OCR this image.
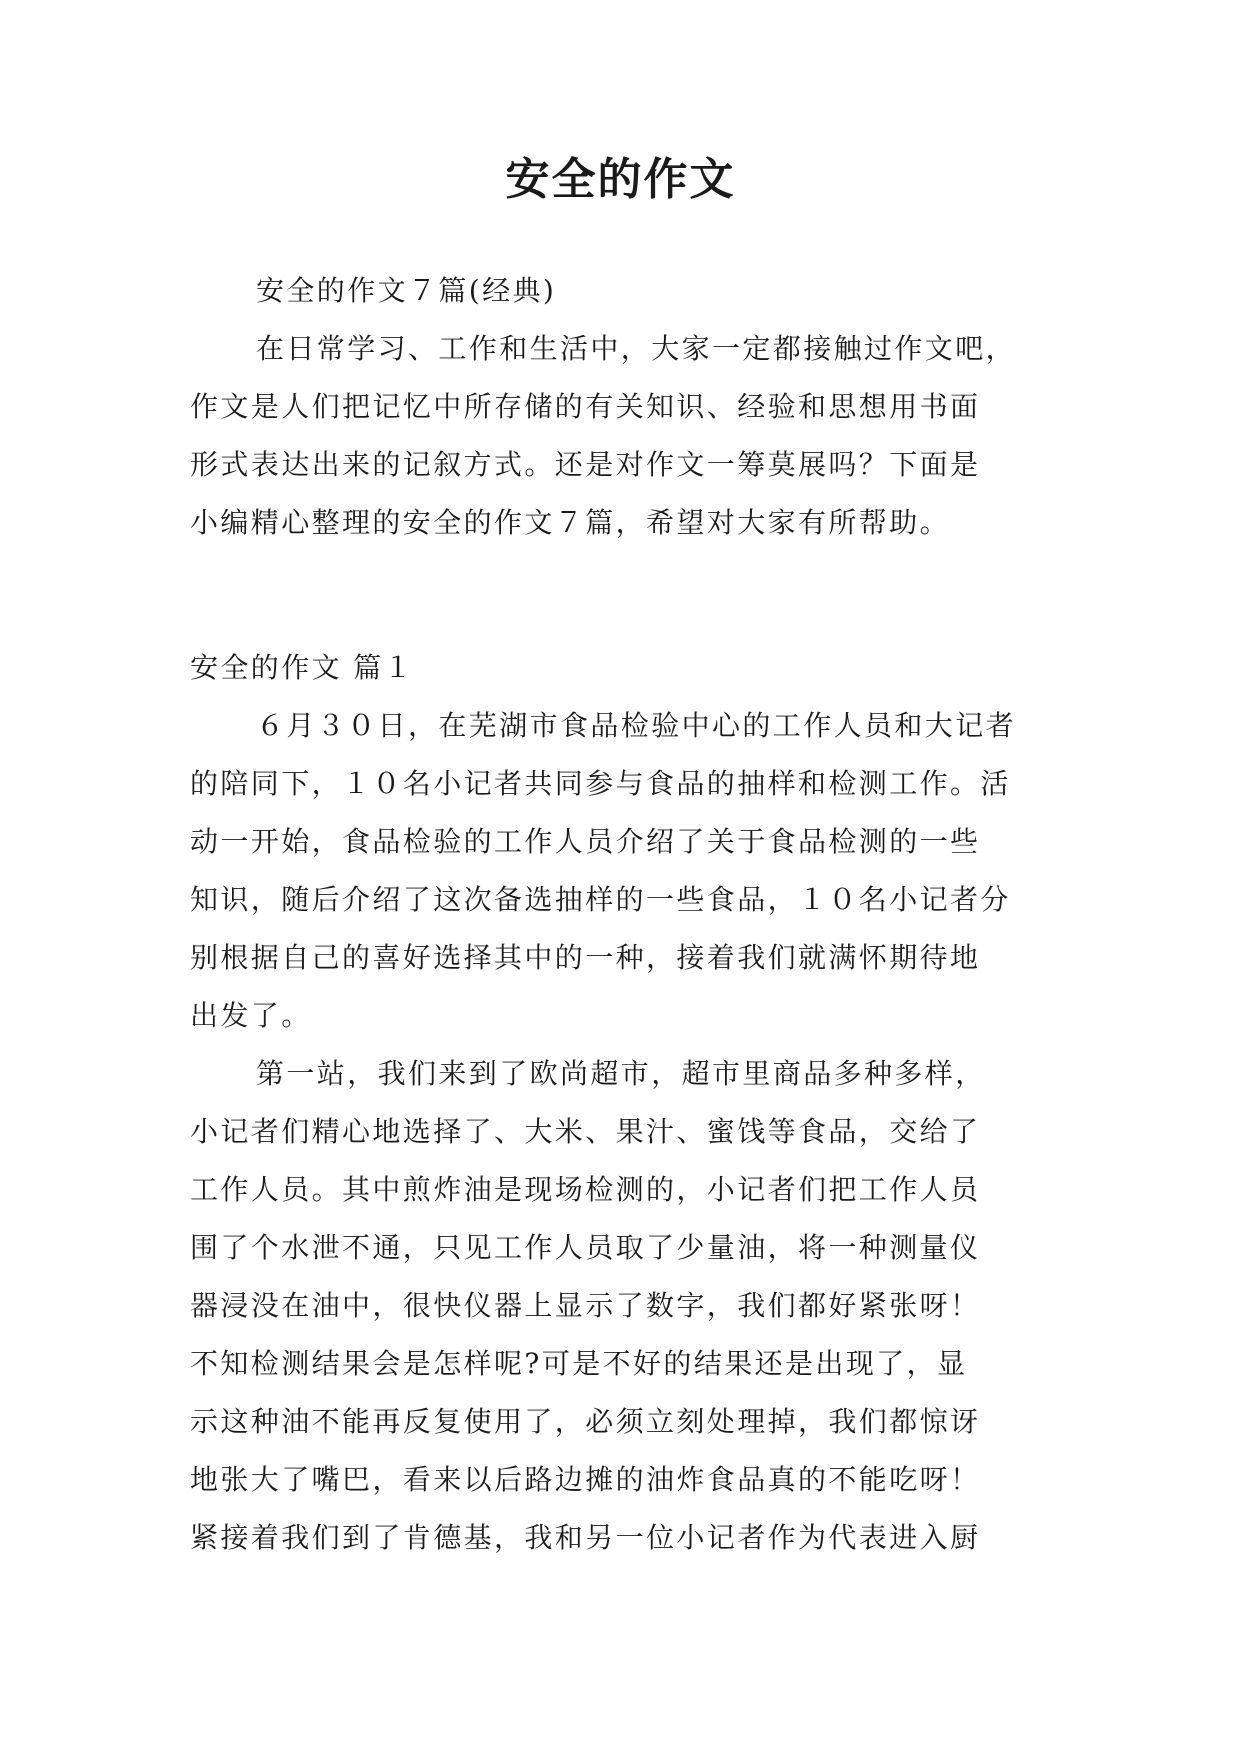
安全的作文
安全的作文７篇(经典)
在日常学习、工作和生活中，大家一定都接触过作文吧，
作文是人们把记忆中所存储的有关知识、经验和思想用书面
形式表达出来的记叙方式。还是对作文一筹莫展吗？下面是
小编精心整理的安全的作文７篇，希望对大家有所帮助。
安全的作文 篇１
６月３０日，在芜湖市食品检验中心的工作人员和大记者
的陪同下，１０名小记者共同参与食品的抽样和检测工作。活
动一开始，食品检验的工作人员介绍了关于食品检测的一些
知识，随后介绍了这次备选抽样的一些食品，１０名小记者分
别根据自己的喜好选择其中的一种，接着我们就满怀期待地
出发了。
第一站，我们来到了欧尚超市，超市里商品多种多样，
小记者们精心地选择了、大米、果汁、蜜饯等食品，交给了
工作人员。其中煎炸油是现场检测的，小记者们把工作人员
围了个水泄不通，只见工作人员取了少量油，将一种测量仪
器浸没在油中，很快仪器上显示了数字，我们都好紧张呀！
不知检测结果会是怎样呢?可是不好的结果还是出现了，显
示这种油不能再反复使用了，必须立刻处理掉，我们都惊讶
地张大了嘴巴，看来以后路边摊的油炸食品真的不能吃呀！
紧接着我们到了肯德基，我和另一位小记者作为代表进入厨
